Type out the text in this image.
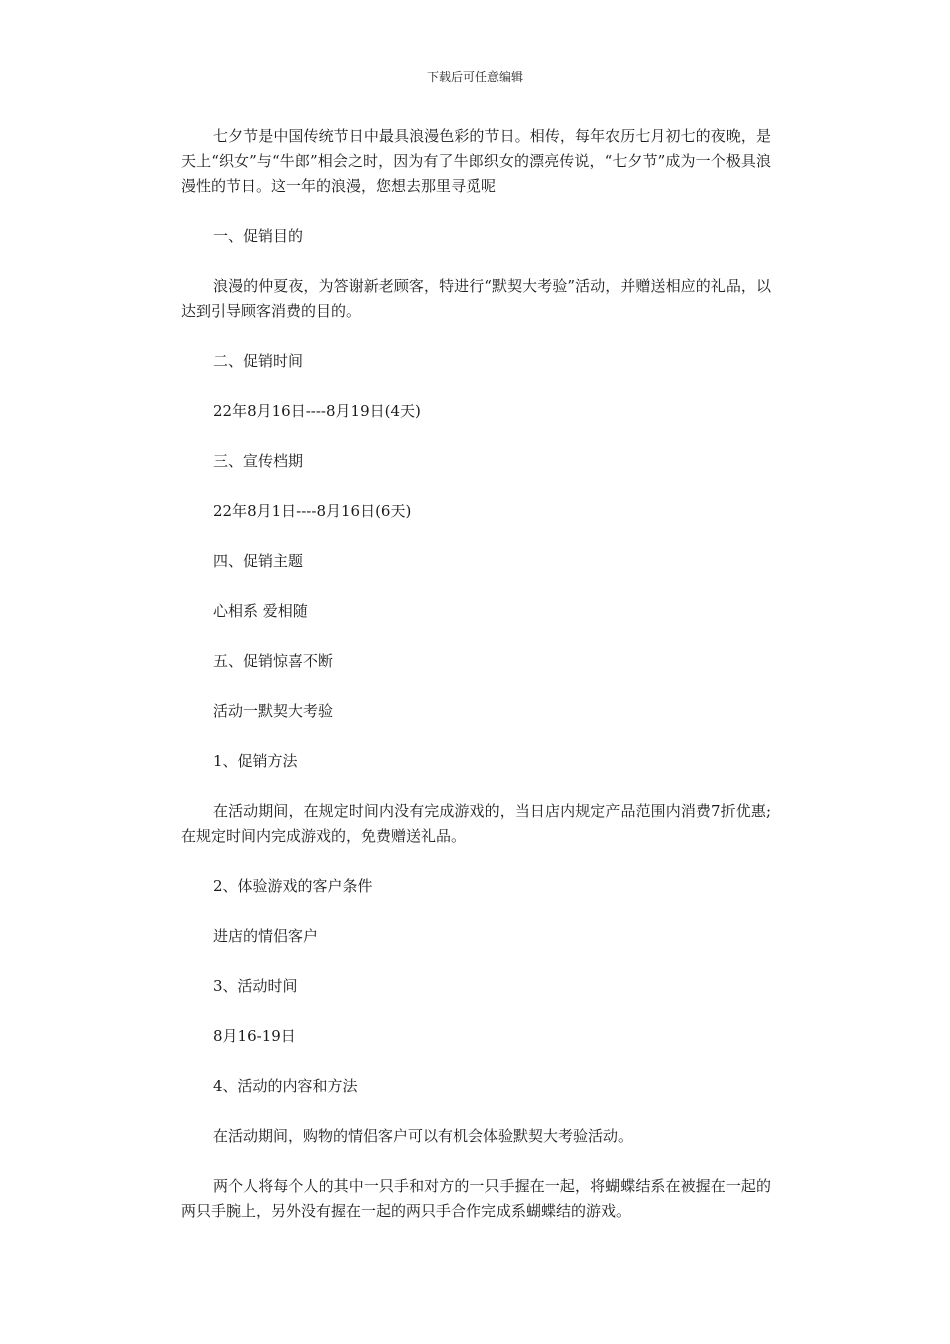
下载后可任意编辑

七夕节是中国传统节日中最具浪漫色彩的节日。相传，每年农历七月初七的夜晚，是天上“织女”与“牛郎”相会之时，因为有了牛郎织女的漂亮传说，“七夕节”成为一个极具浪漫性的节日。这一年的浪漫，您想去那里寻觅呢

一、促销目的

浪漫的仲夏夜，为答谢新老顾客，特进行“默契大考验”活动，并赠送相应的礼品，以达到引导顾客消费的目的。

二、促销时间

22年8月16日----8月19日(4天)

三、宣传档期

22年8月1日----8月16日(6天)

四、促销主题

心相系 爱相随

五、促销惊喜不断

活动一默契大考验

1、促销方法

在活动期间，在规定时间内没有完成游戏的，当日店内规定产品范围内消费7折优惠;在规定时间内完成游戏的，免费赠送礼品。

2、体验游戏的客户条件

进店的情侣客户

3、活动时间

8月16-19日

4、活动的内容和方法

在活动期间，购物的情侣客户可以有机会体验默契大考验活动。

两个人将每个人的其中一只手和对方的一只手握在一起，将蝴蝶结系在被握在一起的两只手腕上，另外没有握在一起的两只手合作完成系蝴蝶结的游戏。
